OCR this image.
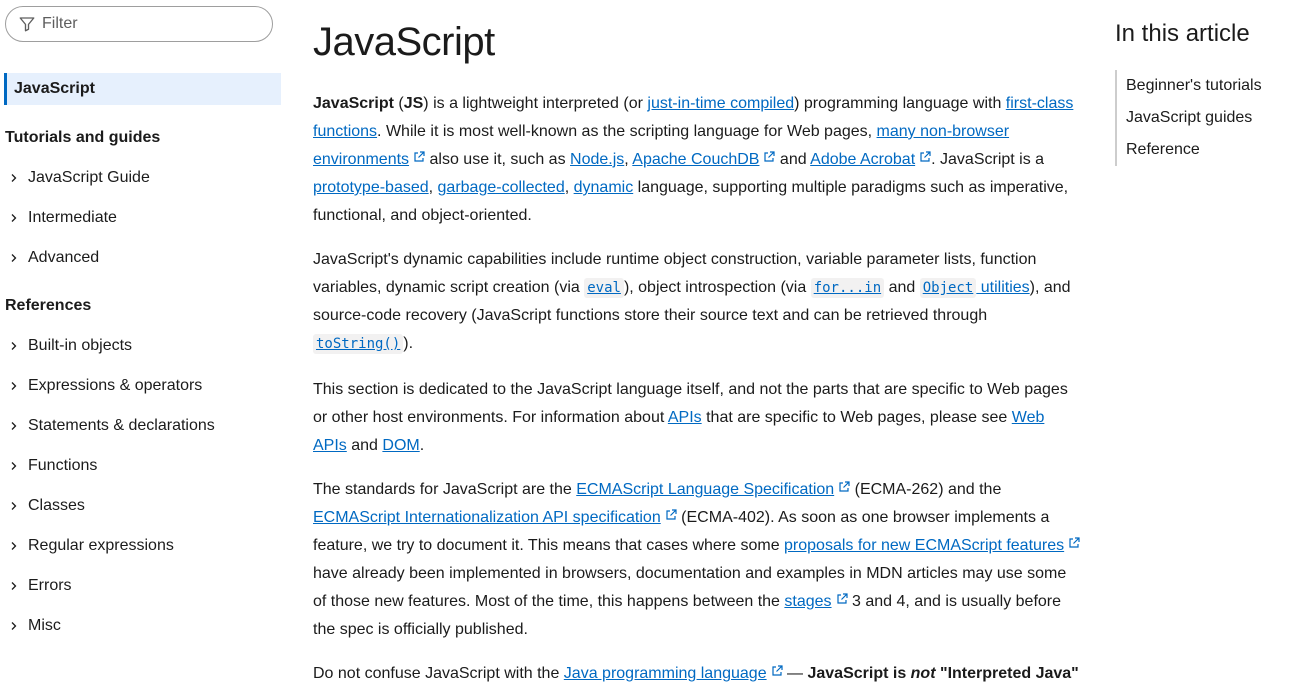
Filter
JavaScript
Tutorials and guides
JavaScript Guide
Intermediate
Advanced
References
Built-in objects
Expressions & operators
Statements & declarations
Functions
Classes
Regular expressions
Errors
Misc
JavaScript

JavaScript (JS) is a lightweight interpreted (or just-in-time compiled) programming language with first-class functions. While it is most well-known as the scripting language for Web pages, many non-browser environments also use it, such as Node.js, Apache CouchDB and Adobe Acrobat . JavaScript is a prototype-based, garbage-collected, dynamic language, supporting multiple paradigms such as imperative, functional, and object-oriented.

JavaScript's dynamic capabilities include runtime object construction, variable parameter lists, function variables, dynamic script creation (via eval ), object introspection (via for...in and Object utilities), and source-code recovery (JavaScript functions store their source text and can be retrieved through toString() ).

This section is dedicated to the JavaScript language itself, and not the parts that are specific to Web pages or other host environments. For information about APIs that are specific to Web pages, please see Web APIs and DOM.

The standards for JavaScript are the ECMAScript Language Specification (ECMA-262) and the ECMAScript Internationalization API specification (ECMA-402). As soon as one browser implements a feature, we try to document it. This means that cases where some proposals for new ECMAScript features have already been implemented in browsers, documentation and examples in MDN articles may use some of those new features. Most of the time, this happens between the stages 3 and 4, and is usually before the spec is officially published.

Do not confuse JavaScript with the Java programming language — JavaScript is not "Interpreted Java"

In this article
Beginner's tutorials
JavaScript guides
Reference
